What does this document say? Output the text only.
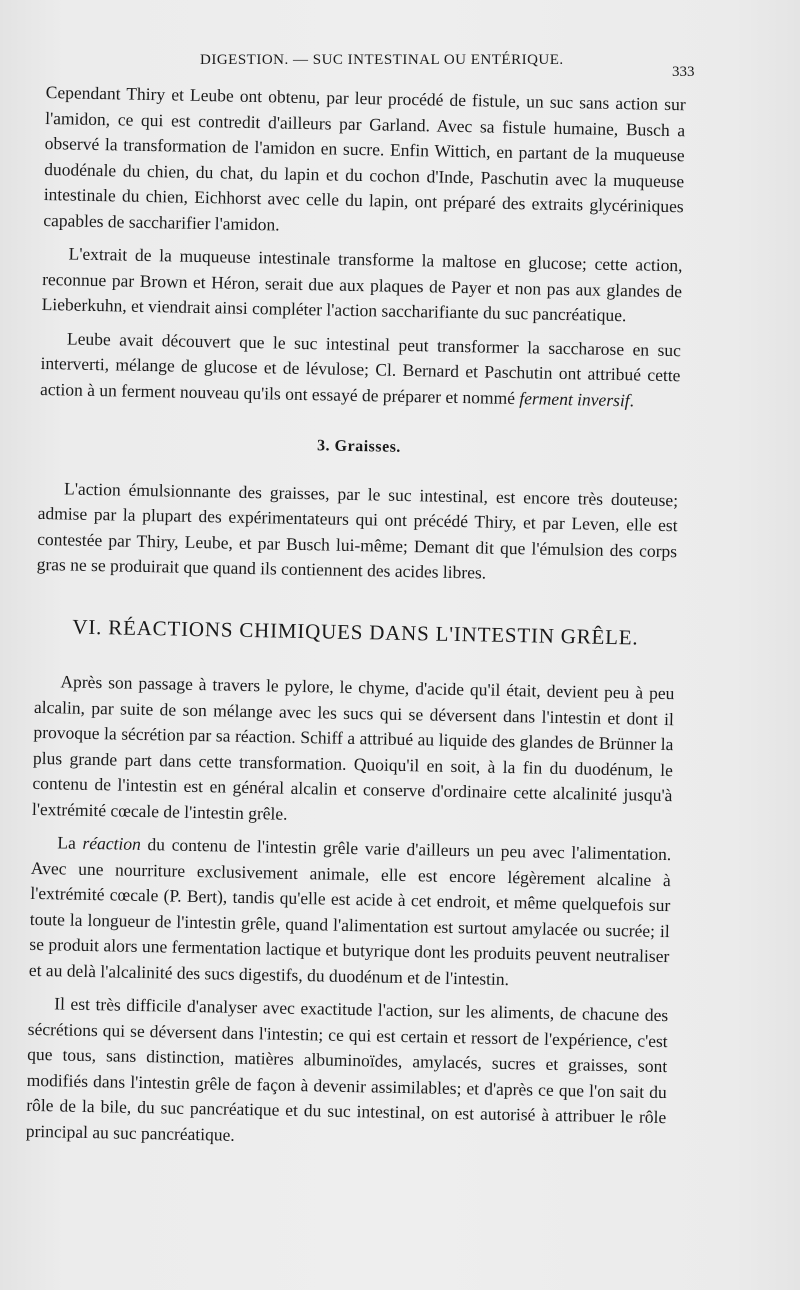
DIGESTION. — SUC INTESTINAL OU ENTÉRIQUE.
333

Cependant Thiry et Leube ont obtenu, par leur procédé de fistule, un suc sans action sur l'amidon, ce qui est contredit d'ailleurs par Garland. Avec sa fistule humaine, Busch a observé la transformation de l'amidon en sucre. Enfin Wittich, en partant de la muqueuse duodénale du chien, du chat, du lapin et du cochon d'Inde, Paschutin avec la muqueuse intestinale du chien, Eichhorst avec celle du lapin, ont préparé des extraits glycériniques capables de saccharifier l'amidon.

L'extrait de la muqueuse intestinale transforme la maltose en glucose; cette action, reconnue par Brown et Héron, serait due aux plaques de Payer et non pas aux glandes de Lieberkuhn, et viendrait ainsi compléter l'action saccharifiante du suc pancréatique.

Leube avait découvert que le suc intestinal peut transformer la saccharose en suc interverti, mélange de glucose et de lévulose; Cl. Bernard et Paschutin ont attribué cette action à un ferment nouveau qu'ils ont essayé de préparer et nommé ferment inversif.

3. Graisses.

L'action émulsionnante des graisses, par le suc intestinal, est encore très douteuse; admise par la plupart des expérimentateurs qui ont précédé Thiry, et par Leven, elle est contestée par Thiry, Leube, et par Busch lui-même; Demant dit que l'émulsion des corps gras ne se produirait que quand ils contiennent des acides libres.

VI. RÉACTIONS CHIMIQUES DANS L'INTESTIN GRÊLE.

Après son passage à travers le pylore, le chyme, d'acide qu'il était, devient peu à peu alcalin, par suite de son mélange avec les sucs qui se déversent dans l'intestin et dont il provoque la sécrétion par sa réaction. Schiff a attribué au liquide des glandes de Brünner la plus grande part dans cette transformation. Quoiqu'il en soit, à la fin du duodénum, le contenu de l'intestin est en général alcalin et conserve d'ordinaire cette alcalinité jusqu'à l'extrémité cœcale de l'intestin grêle.

La réaction du contenu de l'intestin grêle varie d'ailleurs un peu avec l'alimentation. Avec une nourriture exclusivement animale, elle est encore légèrement alcaline à l'extrémité cœcale (P. Bert), tandis qu'elle est acide à cet endroit, et même quelquefois sur toute la longueur de l'intestin grêle, quand l'alimentation est surtout amylacée ou sucrée; il se produit alors une fermentation lactique et butyrique dont les produits peuvent neutraliser et au delà l'alcalinité des sucs digestifs, du duodénum et de l'intestin.

Il est très difficile d'analyser avec exactitude l'action, sur les aliments, de chacune des sécrétions qui se déversent dans l'intestin; ce qui est certain et ressort de l'expérience, c'est que tous, sans distinction, matières albuminoïdes, amylacés, sucres et graisses, sont modifiés dans l'intestin grêle de façon à devenir assimilables; et d'après ce que l'on sait du rôle de la bile, du suc pancréatique et du suc intestinal, on est autorisé à attribuer le rôle principal au suc pancréatique.
